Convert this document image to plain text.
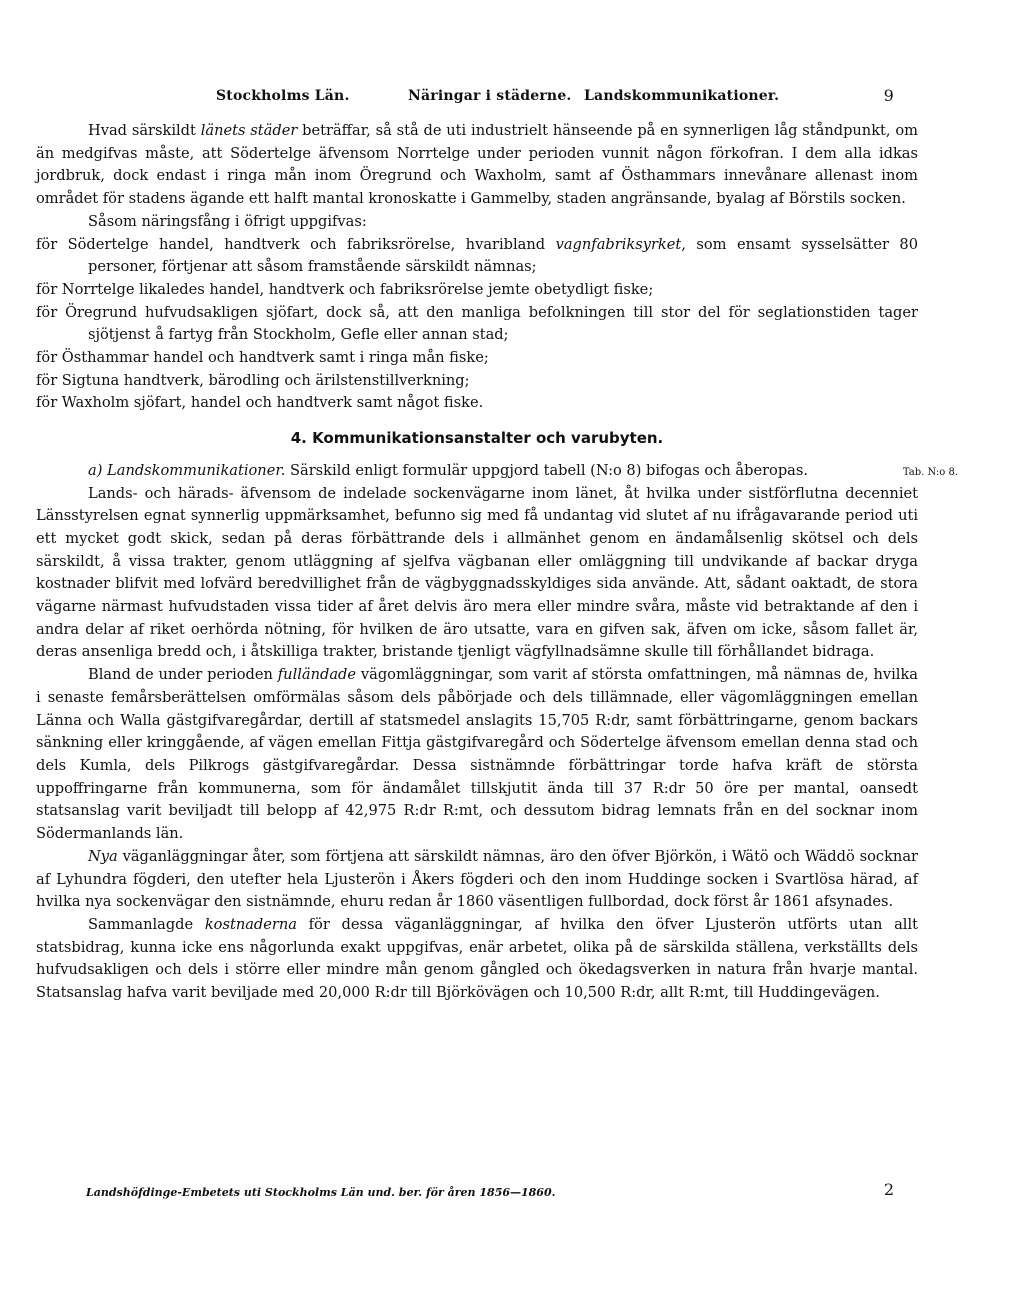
Stockholms Län.	Näringar i städerne. Landskommunikationer.	9

Hvad särskildt länets städer beträffar, så stå de uti industrielt hänseende på en synnerligen låg ståndpunkt, om än medgifvas måste, att Södertelge äfvensom Norrtelge under perioden vunnit någon förkofran. I dem alla idkas jordbruk, dock endast i ringa mån inom Öregrund och Waxholm, samt af Östhammars innevånare allenast inom området för stadens ägande ett halft mantal kronoskatte i Gammelby, staden angränsande, byalag af Börstils socken.

Såsom näringsfång i öfrigt uppgifvas:

för Södertelge handel, handtverk och fabriksrörelse, hvaribland vagnfabriksyrket, som ensamt sysselsätter 80 personer, förtjenar att såsom framstående särskildt nämnas;

för Norrtelge likaledes handel, handtverk och fabriksrörelse jemte obetydligt fiske;

för Öregrund hufvudsakligen sjöfart, dock så, att den manliga befolkningen till stor del för seglationstiden tager sjötjenst å fartyg från Stockholm, Gefle eller annan stad;

för Östhammar handel och handtverk samt i ringa mån fiske;

för Sigtuna handtverk, bärodling och ärilstenstillverkning;

för Waxholm sjöfart, handel och handtverk samt något fiske.

4. Kommunikationsanstalter och varubyten.

a) Landskommunikationer. Särskild enligt formulär uppgjord tabell (N:o 8) bifogas och åberopas.	Tab. N:o 8.

Lands- och härads- äfvensom de indelade sockenvägarne inom länet, åt hvilka under sistförflutna decenniet Länsstyrelsen egnat synnerlig uppmärksamhet, befunno sig med få undantag vid slutet af nu ifrågavarande period uti ett mycket godt skick, sedan på deras förbättrande dels i allmänhet genom en ändamålsenlig skötsel och dels särskildt, å vissa trakter, genom utläggning af sjelfva vägbanan eller omläggning till undvikande af backar dryga kostnader blifvit med lofvärd beredvillighet från de vägbyggnadsskyldiges sida använde. Att, sådant oaktadt, de stora vägarne närmast hufvudstaden vissa tider af året delvis äro mera eller mindre svåra, måste vid betraktande af den i andra delar af riket oerhörda nötning, för hvilken de äro utsatte, vara en gifven sak, äfven om icke, såsom fallet är, deras ansenliga bredd och, i åtskilliga trakter, bristande tjenligt vägfyllnadsämne skulle till förhållandet bidraga.

Bland de under perioden fulländade vägomläggningar, som varit af största omfattningen, må nämnas de, hvilka i senaste femårsberättelsen omförmälas såsom dels påbörjade och dels tillämnade, eller vägomläggningen emellan Länna och Walla gästgifvaregårdar, dertill af statsmedel anslagits 15,705 R:dr, samt förbättringarne, genom backars sänkning eller kringgående, af vägen emellan Fittja gästgifvaregård och Södertelge äfvensom emellan denna stad och dels Kumla, dels Pilkrogs gästgifvaregårdar. Dessa sistnämnde förbättringar torde hafva kräft de största uppoffringarne från kommunerna, som för ändamålet tillskjutit ända till 37 R:dr 50 öre per mantal, oansedt statsanslag varit beviljadt till belopp af 42,975 R:dr R:mt, och dessutom bidrag lemnats från en del socknar inom Södermanlands län.

Nya väganläggningar åter, som förtjena att särskildt nämnas, äro den öfver Björkön, i Wätö och Wäddö socknar af Lyhundra fögderi, den utefter hela Ljusterön i Åkers fögderi och den inom Huddinge socken i Svartlösa härad, af hvilka nya sockenvägar den sistnämnde, ehuru redan år 1860 väsentligen fullbordad, dock först år 1861 afsynades.

Sammanlagde kostnaderna för dessa väganläggningar, af hvilka den öfver Ljusterön utförts utan allt statsbidrag, kunna icke ens någorlunda exakt uppgifvas, enär arbetet, olika på de särskilda ställena, verkställts dels hufvudsakligen och dels i större eller mindre mån genom gångled och ökedagsverken in natura från hvarje mantal. Statsanslag hafva varit beviljade med 20,000 R:dr till Björkövägen och 10,500 R:dr, allt R:mt, till Huddingevägen.

Landshöfdinge-Embetets uti Stockholms Län und. ber. för åren 1856—1860.	2
